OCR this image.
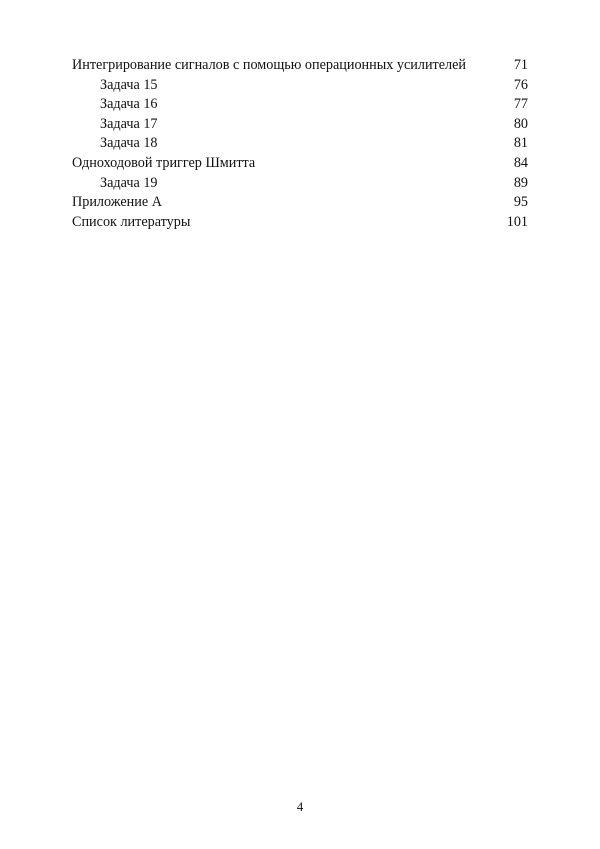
Интегрирование сигналов с помощью операционных усилителей	71
Задача 15	76
Задача 16	77
Задача 17	80
Задача 18	81
Одноходовой триггер Шмитта	84
Задача 19	89
Приложение А	95
Список литературы	101
4
